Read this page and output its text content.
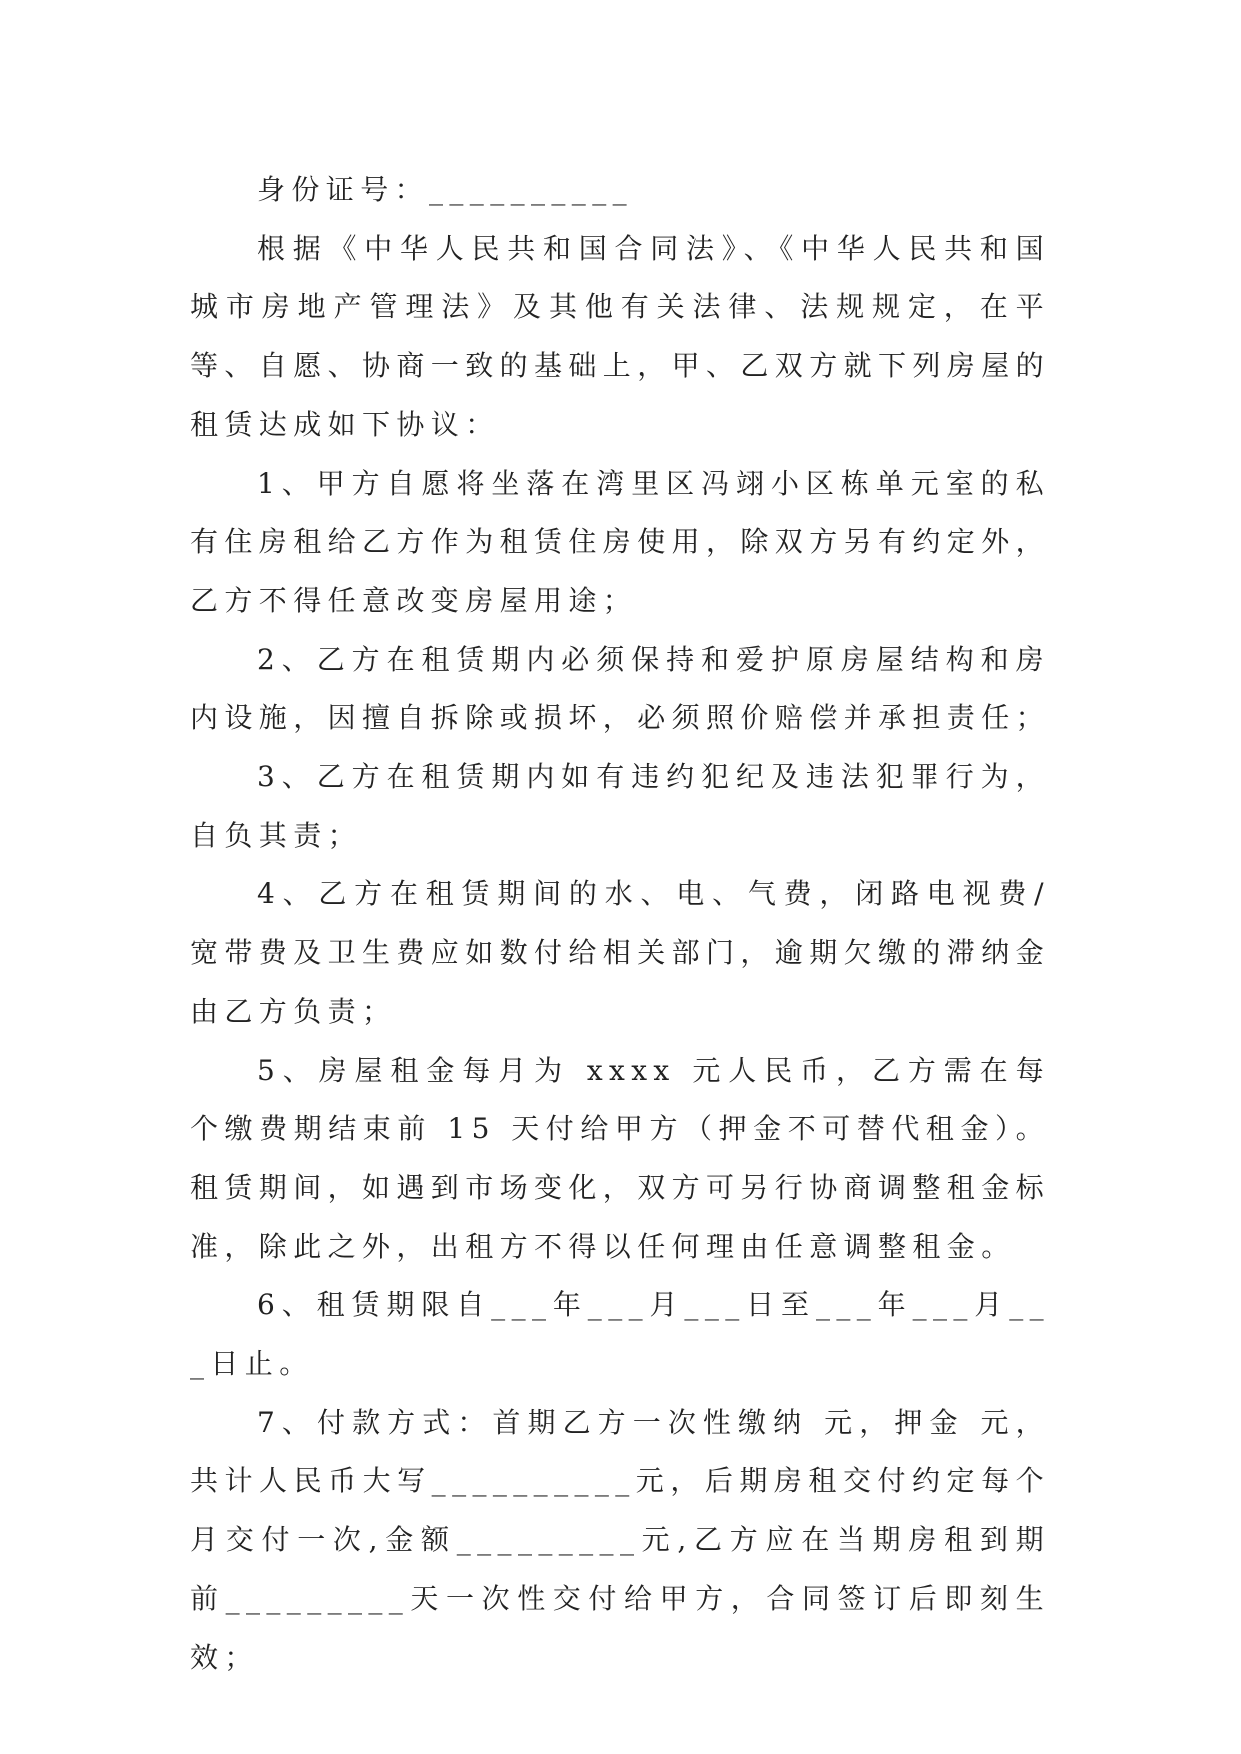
身份证号：__________

根据《中华人民共和国合同法》、《中华人民共和国城市房地产管理法》及其他有关法律、法规规定，在平等、自愿、协商一致的基础上，甲、乙双方就下列房屋的租赁达成如下协议：

1、甲方自愿将坐落在湾里区冯翊小区栋单元室的私有住房租给乙方作为租赁住房使用，除双方另有约定外，乙方不得任意改变房屋用途；

2、乙方在租赁期内必须保持和爱护原房屋结构和房内设施，因擅自拆除或损坏，必须照价赔偿并承担责任；

3、乙方在租赁期内如有违约犯纪及违法犯罪行为，自负其责；

4、乙方在租赁期间的水、电、气费，闭路电视费/宽带费及卫生费应如数付给相关部门，逾期欠缴的滞纳金由乙方负责；

5、房屋租金每月为 xxxx 元人民币，乙方需在每个缴费期结束前 15 天付给甲方（押金不可替代租金）。租赁期间，如遇到市场变化，双方可另行协商调整租金标准，除此之外，出租方不得以任何理由任意调整租金。

6、租赁期限自___年___月___日至___年___月___日止。

7、付款方式：首期乙方一次性缴纳 元，押金 元，共计人民币大写__________元，后期房租交付约定每个月交付一次,金额_________元,乙方应在当期房租到期前_________天一次性交付给甲方，合同签订后即刻生效；
